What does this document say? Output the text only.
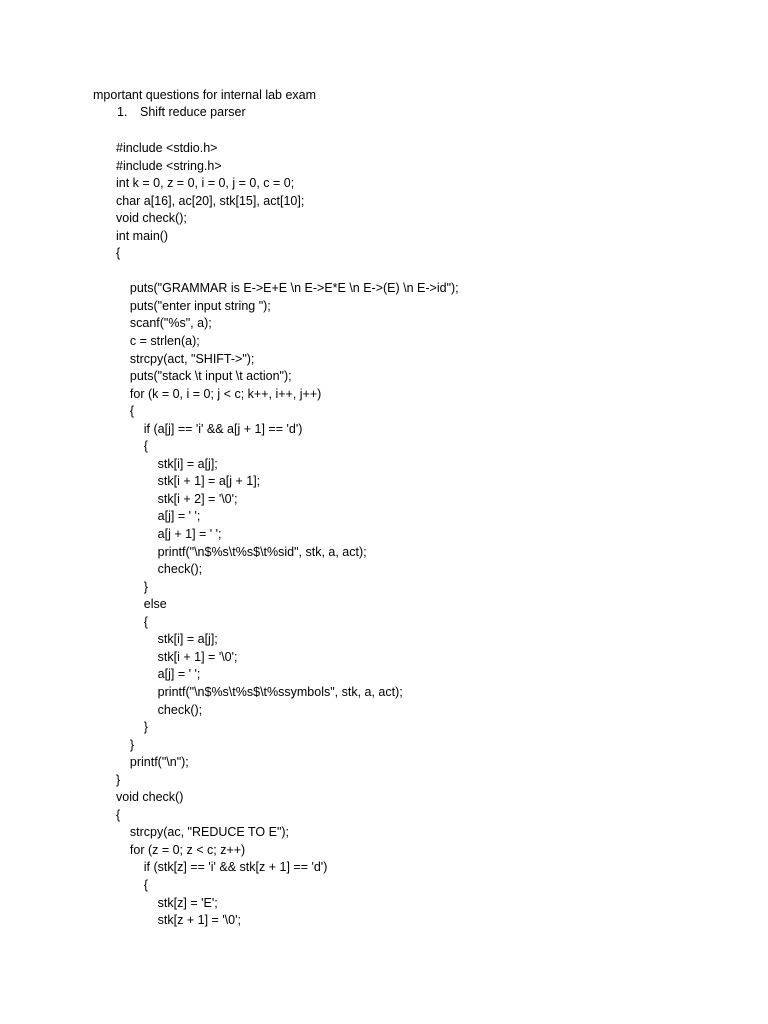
mportant questions for internal lab exam
1. Shift reduce parser
#include <stdio.h>
#include <string.h>
int k = 0, z = 0, i = 0, j = 0, c = 0;
char a[16], ac[20], stk[15], act[10];
void check();
int main()
{
puts("GRAMMAR is E->E+E \n E->E*E \n E->(E) \n E->id");
puts("enter input string ");
scanf("%s", a);
c = strlen(a);
strcpy(act, "SHIFT->");
puts("stack \t input \t action");
for (k = 0, i = 0; j < c; k++, i++, j++)
{
if (a[j] == 'i' && a[j + 1] == 'd')
{
stk[i] = a[j];
stk[i + 1] = a[j + 1];
stk[i + 2] = '\0';
a[j] = ' ';
a[j + 1] = ' ';
printf("\n$%s\t%s$\t%sid", stk, a, act);
check();
}
else
{
stk[i] = a[j];
stk[i + 1] = '\0';
a[j] = ' ';
printf("\n$%s\t%s$\t%ssymbols", stk, a, act);
check();
}
}
printf("\n");
}
void check()
{
strcpy(ac, "REDUCE TO E");
for (z = 0; z < c; z++)
if (stk[z] == 'i' && stk[z + 1] == 'd')
{
stk[z] = 'E';
stk[z + 1] = '\0';
